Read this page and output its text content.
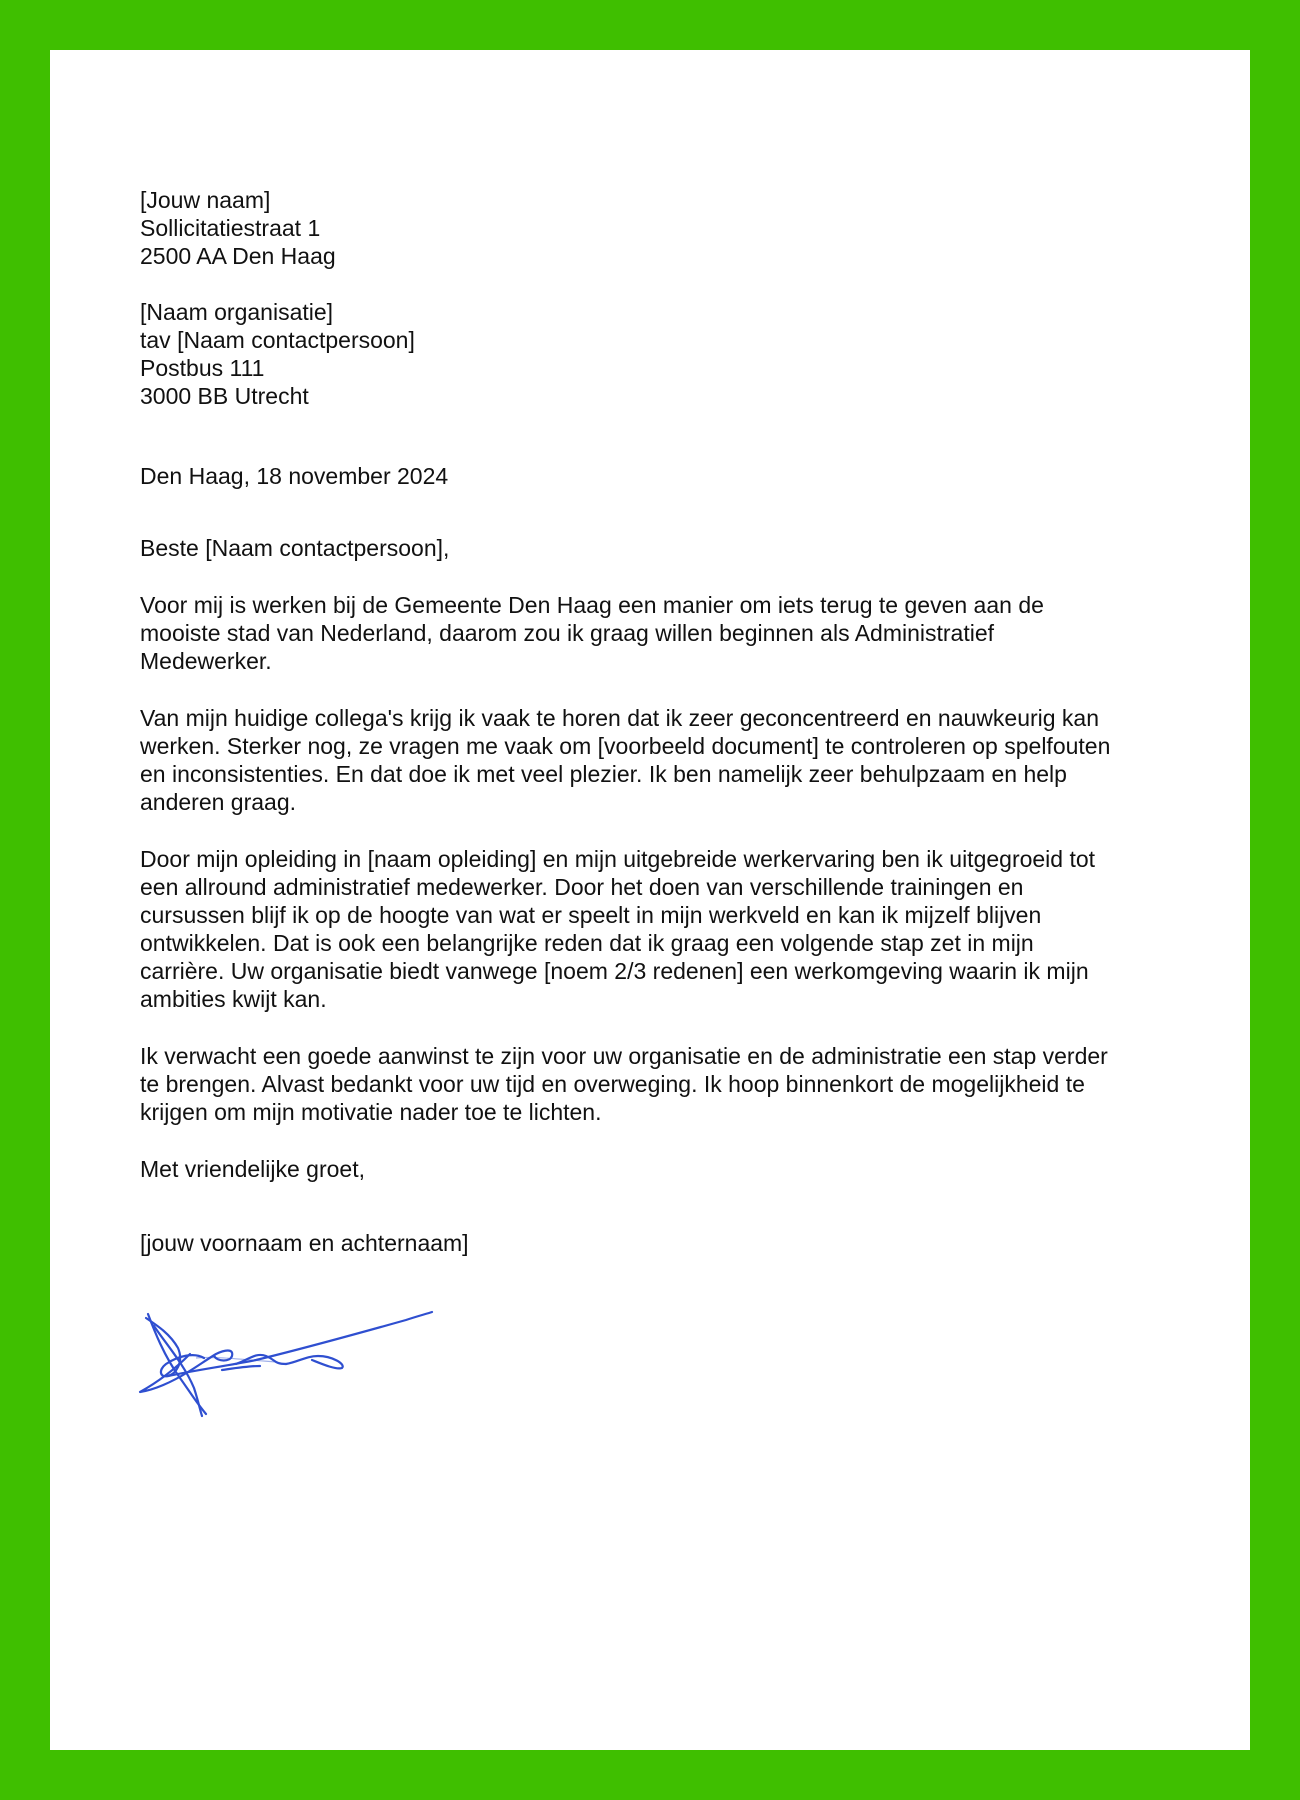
[Jouw naam]
Sollicitatiestraat 1
2500 AA Den Haag
[Naam organisatie]
tav [Naam contactpersoon]
Postbus 111
3000 BB Utrecht
Den Haag, 18 november 2024
Beste [Naam contactpersoon],
Voor mij is werken bij de Gemeente Den Haag een manier om iets terug te geven aan de
mooiste stad van Nederland, daarom zou ik graag willen beginnen als Administratief
Medewerker.
Van mijn huidige collega's krijg ik vaak te horen dat ik zeer geconcentreerd en nauwkeurig kan
werken. Sterker nog, ze vragen me vaak om [voorbeeld document] te controleren op spelfouten
en inconsistenties. En dat doe ik met veel plezier. Ik ben namelijk zeer behulpzaam en help
anderen graag.
Door mijn opleiding in [naam opleiding] en mijn uitgebreide werkervaring ben ik uitgegroeid tot
een allround administratief medewerker. Door het doen van verschillende trainingen en
cursussen blijf ik op de hoogte van wat er speelt in mijn werkveld en kan ik mijzelf blijven
ontwikkelen. Dat is ook een belangrijke reden dat ik graag een volgende stap zet in mijn
carrière. Uw organisatie biedt vanwege [noem 2/3 redenen] een werkomgeving waarin ik mijn
ambities kwijt kan.
Ik verwacht een goede aanwinst te zijn voor uw organisatie en de administratie een stap verder
te brengen. Alvast bedankt voor uw tijd en overweging. Ik hoop binnenkort de mogelijkheid te
krijgen om mijn motivatie nader toe te lichten.
Met vriendelijke groet,
[jouw voornaam en achternaam]
